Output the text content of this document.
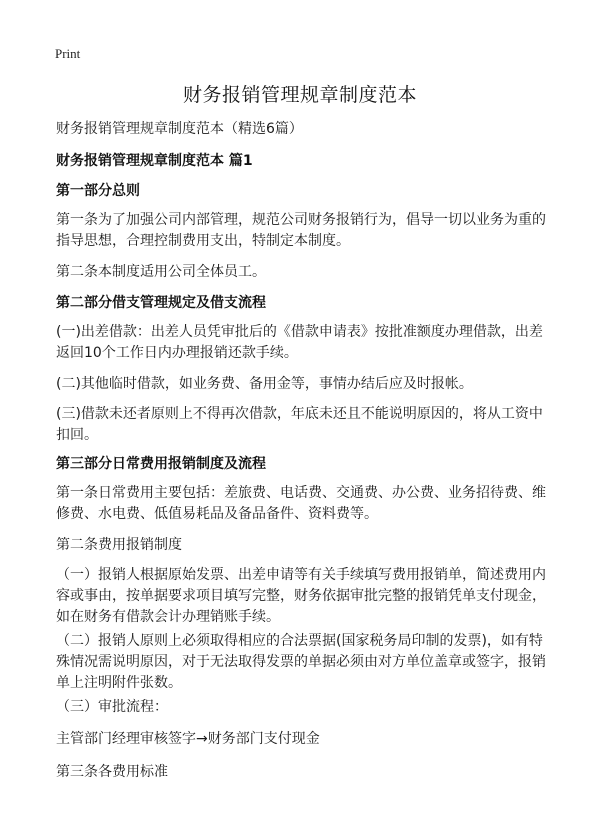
Print
财务报销管理规章制度范本

财务报销管理规章制度范本（精选6篇）

财务报销管理规章制度范本 篇1

第一部分总则

第一条为了加强公司内部管理，规范公司财务报销行为，倡导一切以业务为重的指导思想，合理控制费用支出，特制定本制度。

第二条本制度适用公司全体员工。

第二部分借支管理规定及借支流程

(一)出差借款：出差人员凭审批后的《借款申请表》按批准额度办理借款，出差返回10个工作日内办理报销还款手续。

(二)其他临时借款，如业务费、备用金等，事情办结后应及时报帐。

(三)借款未还者原则上不得再次借款，年底未还且不能说明原因的，将从工资中扣回。

第三部分日常费用报销制度及流程

第一条日常费用主要包括：差旅费、电话费、交通费、办公费、业务招待费、维修费、水电费、低值易耗品及备品备件、资料费等。

第二条费用报销制度

（一）报销人根据原始发票、出差申请等有关手续填写费用报销单，简述费用内容或事由，按单据要求项目填写完整，财务依据审批完整的报销凭单支付现金，如在财务有借款会计办理销账手续。

（二）报销人原则上必须取得相应的合法票据(国家税务局印制的发票)，如有特殊情况需说明原因，对于无法取得发票的单据必须由对方单位盖章或签字，报销单上注明附件张数。

（三）审批流程：

主管部门经理审核签字→财务部门支付现金

第三条各费用标准
